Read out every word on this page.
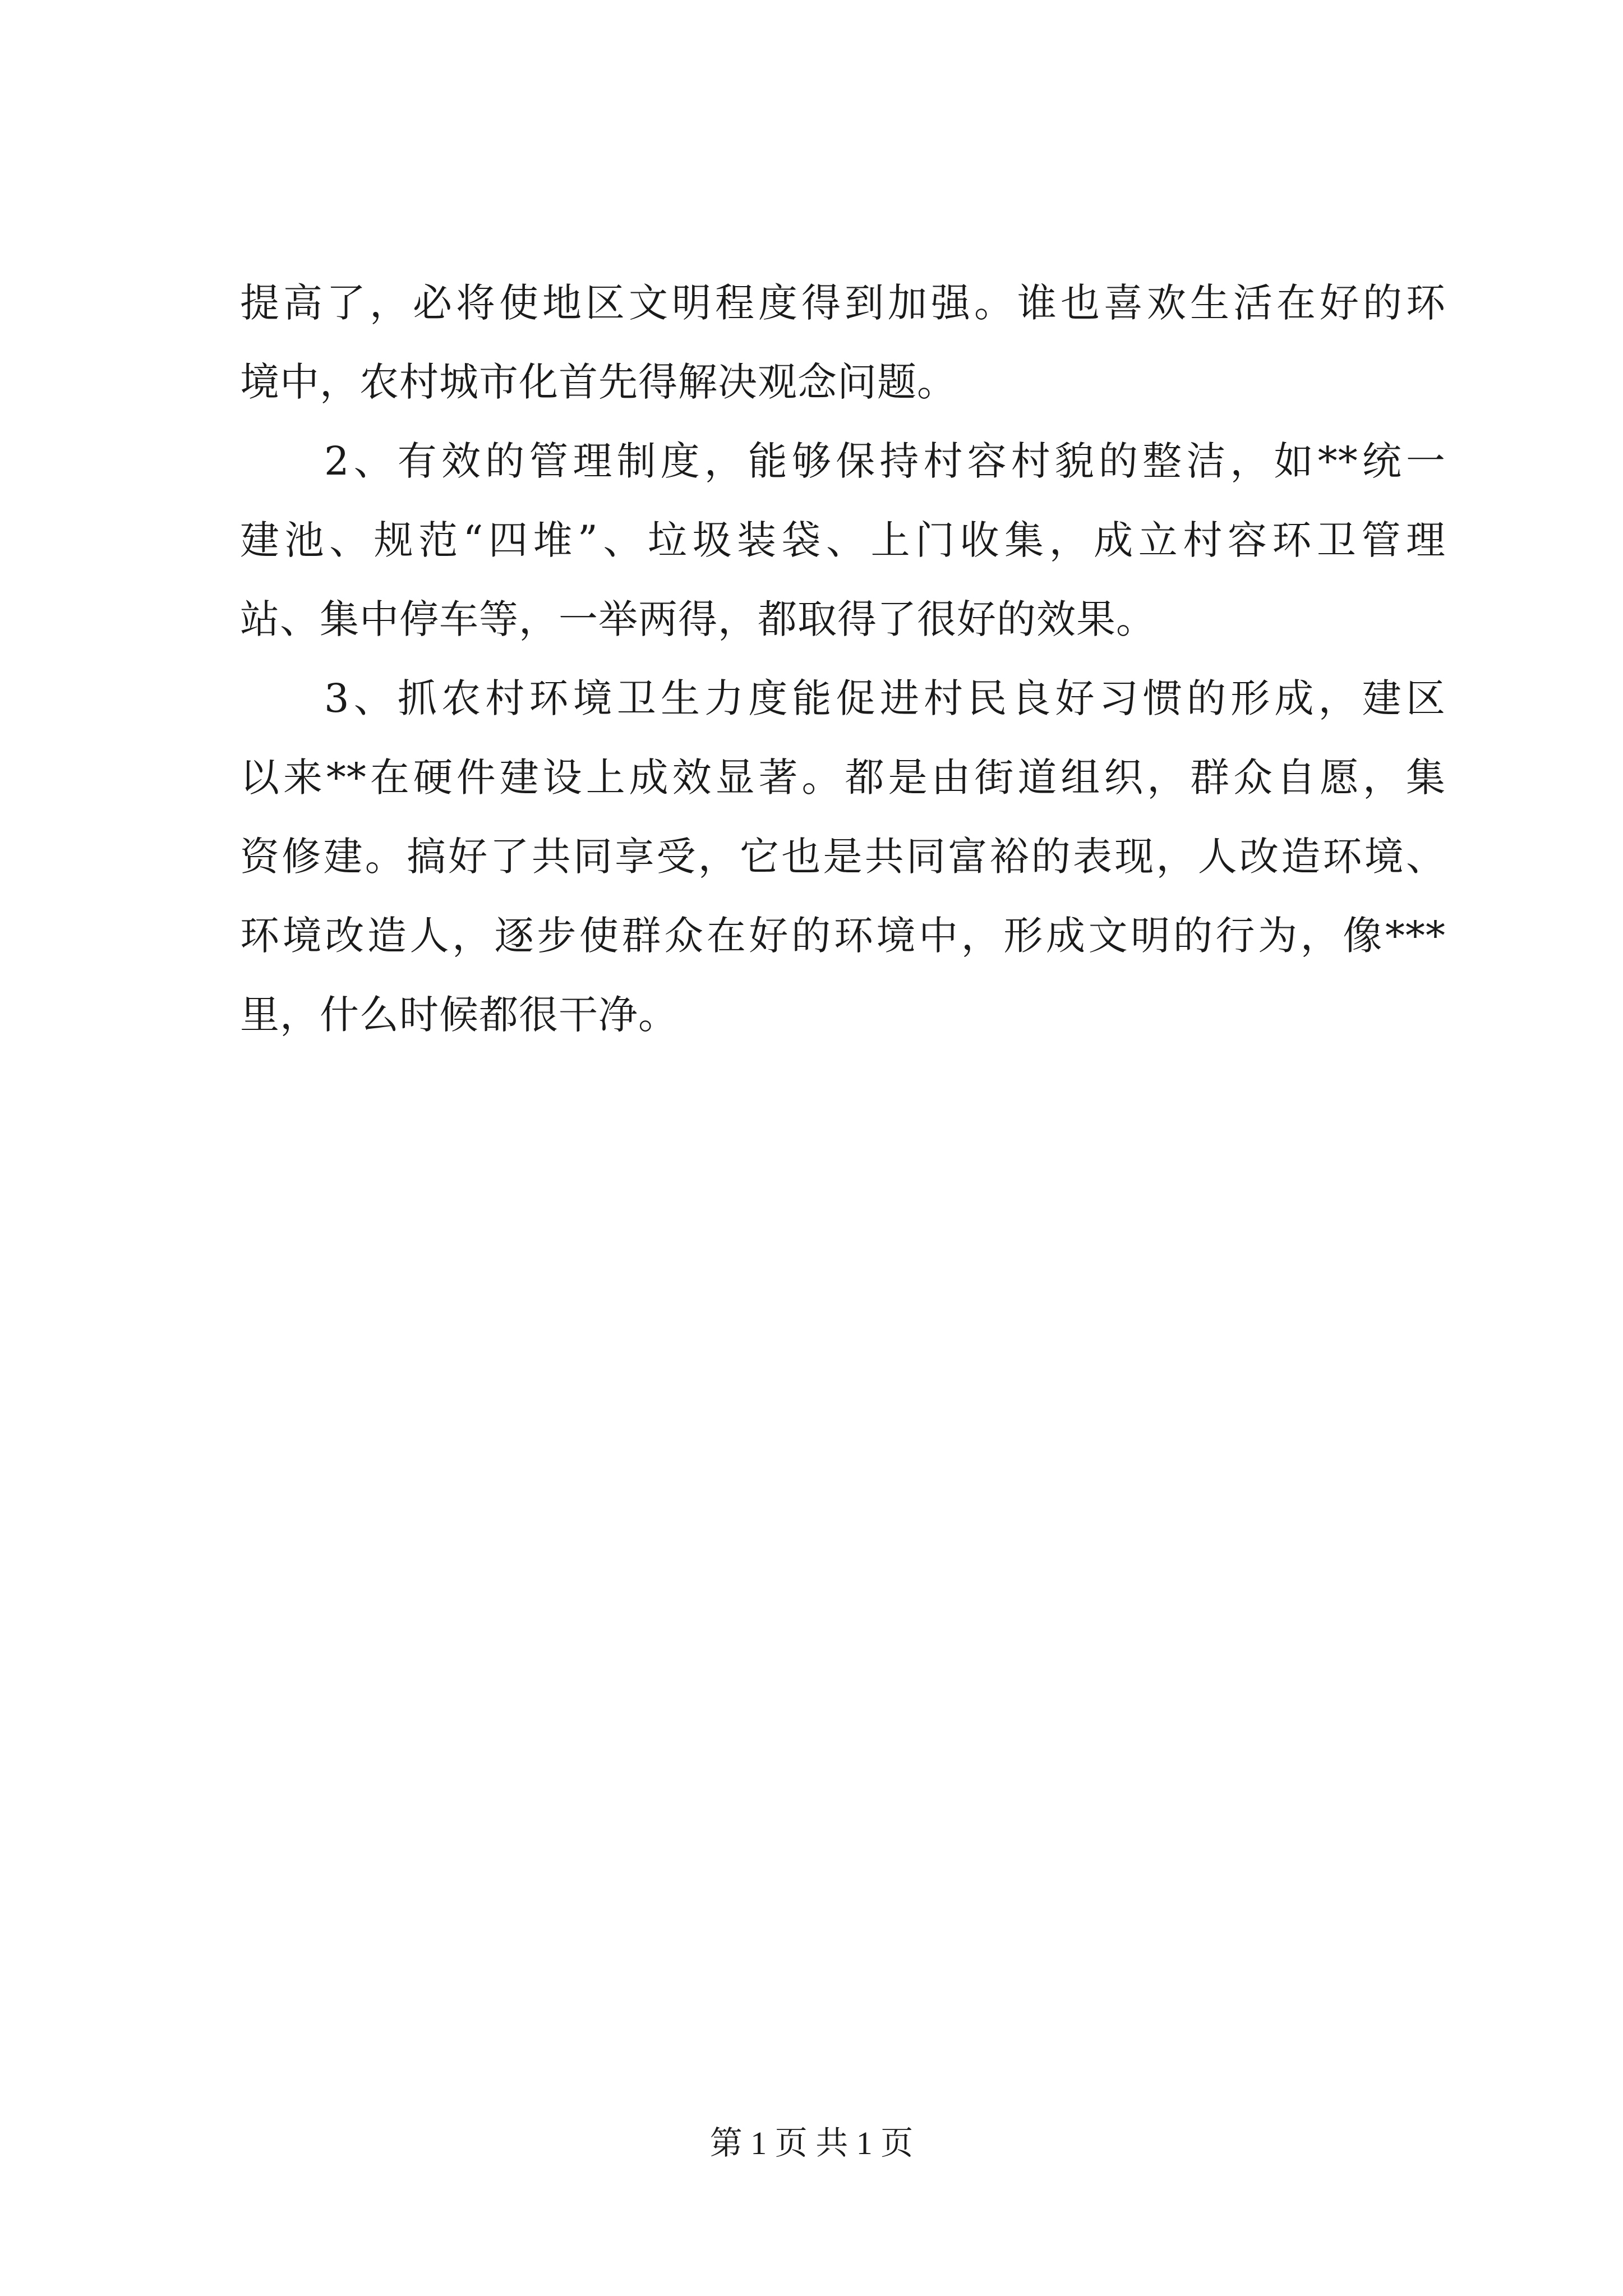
提高了，必将使地区文明程度得到加强。谁也喜欢生活在好的环
境中，农村城市化首先得解决观念问题。
2、有效的管理制度，能够保持村容村貌的整洁，如**统一
建池、规范“四堆”、垃圾装袋、上门收集，成立村容环卫管理
站、集中停车等，一举两得，都取得了很好的效果。
3、抓农村环境卫生力度能促进村民良好习惯的形成，建区
以来**在硬件建设上成效显著。都是由街道组织，群众自愿，集
资修建。搞好了共同享受，它也是共同富裕的表现，人改造环境、
环境改造人，逐步使群众在好的环境中，形成文明的行为，像***
里，什么时候都很干净。
第 1 页 共 1 页
